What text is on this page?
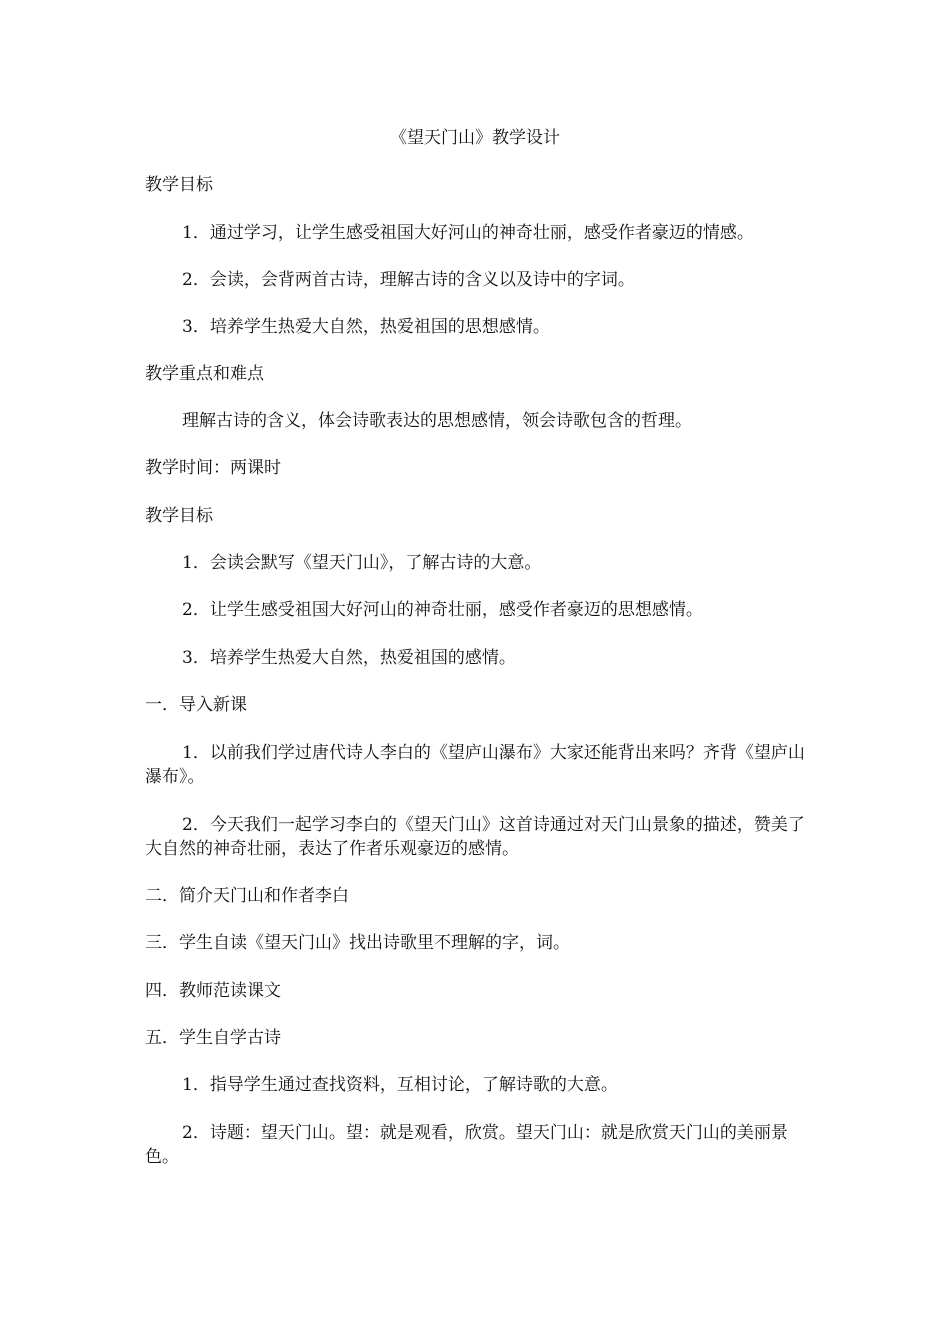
《望天门山》教学设计
教学目标
1．通过学习，让学生感受祖国大好河山的神奇壮丽，感受作者豪迈的情感。
2．会读，会背两首古诗，理解古诗的含义以及诗中的字词。
3．培养学生热爱大自然，热爱祖国的思想感情。
教学重点和难点
理解古诗的含义，体会诗歌表达的思想感情，领会诗歌包含的哲理。
教学时间：两课时
教学目标
1．会读会默写《望天门山》，了解古诗的大意。
2．让学生感受祖国大好河山的神奇壮丽，感受作者豪迈的思想感情。
3．培养学生热爱大自然，热爱祖国的感情。
一．导入新课
1．以前我们学过唐代诗人李白的《望庐山瀑布》大家还能背出来吗？齐背《望庐山瀑布》。
2．今天我们一起学习李白的《望天门山》这首诗通过对天门山景象的描述，赞美了大自然的神奇壮丽，表达了作者乐观豪迈的感情。
二．简介天门山和作者李白
三．学生自读《望天门山》找出诗歌里不理解的字，词。
四．教师范读课文
五．学生自学古诗
1．指导学生通过查找资料，互相讨论，了解诗歌的大意。
2．诗题：望天门山。望：就是观看，欣赏。望天门山：就是欣赏天门山的美丽景色。
